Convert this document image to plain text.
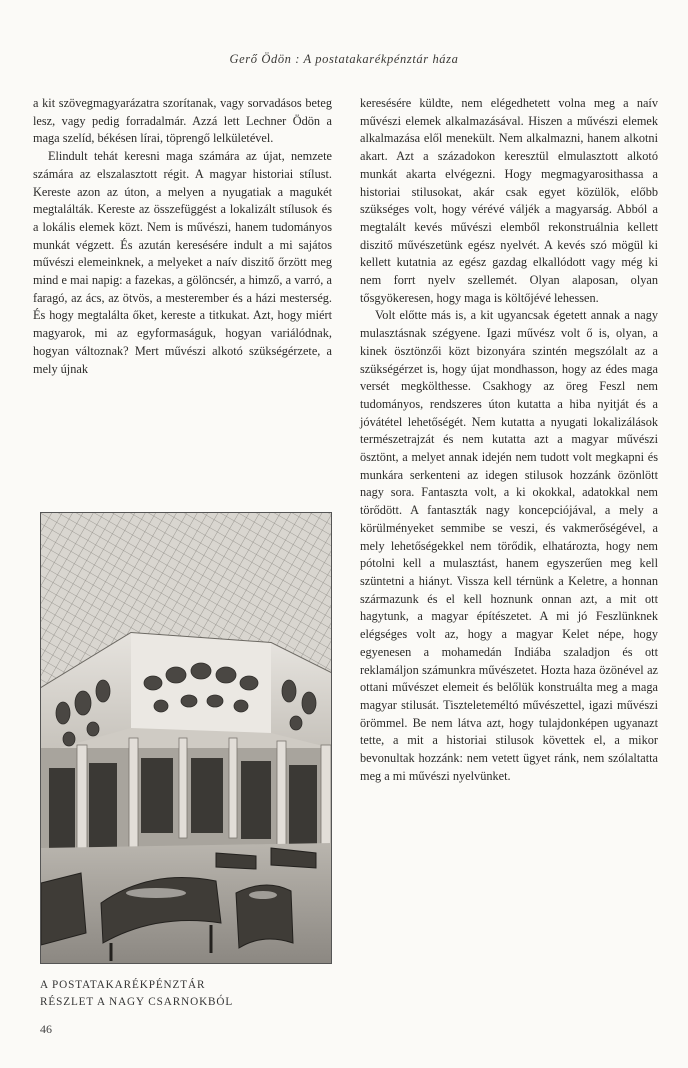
Gerő Ödön : A postatakarékpénztár háza

a kit szövegmagyarázatra szorítanak, vagy sorvadásos beteg lesz, vagy pedig forradalmár. Azzá lett Lechner Ödön a maga szelíd, békésen lírai, töprengő lelkületével.

Elindult tehát keresni maga számára az újat, nemzete számára az elszalasztott régit. A magyar historiai stílust. Kereste azon az úton, a melyen a nyugatiak a magukét megtalálták. Kereste az összefüggést a lokalizált stílusok és a lokális elemek közt. Nem is művészi, hanem tudományos munkát végzett. És azután keresésére indult a mi sajátos művészi elemeinknek, a melyeket a naív diszitő őrzött meg mind e mai napig: a fazekas, a gölöncsér, a himző, a varró, a faragó, az ács, az ötvös, a mesterember és a házi mesterség. És hogy megtalálta őket, kereste a titkukat. Azt, hogy miért magyarok, mi az egyformaságuk, hogyan variálódnak, hogyan változnak? Mert művészi alkotó szükségérzete, a mely újnak

keresésére küldte, nem elégedhetett volna meg a naív művészi elemek alkalmazásával. Hiszen a művészi elemek alkalmazása elől menekült. Nem alkalmazni, hanem alkotni akart. Azt a századokon keresztül elmulasztott alkotó munkát akarta elvégezni. Hogy megmagyarosithassa a historiai stilusokat, akár csak egyet közülök, előbb szükséges volt, hogy vérévé váljék a magyarság. Abból a megtalált kevés művészi elemből rekonstruálnia kellett diszitő művészetünk egész nyelvét. A kevés szó mögül ki kellett kutatnia az egész gazdag elkallódott vagy még ki nem forrt nyelv szellemét. Olyan alaposan, olyan tősgyökeresen, hogy maga is költőjévé lehessen.

Volt előtte más is, a kit ugyancsak égetett annak a nagy mulasztásnak szégyene. Igazi művész volt ő is, olyan, a kinek ösztönzői közt bizonyára szintén megszólalt az a szükségérzet is, hogy újat mondhasson, hogy az édes maga versét megkölthesse. Csakhogy az öreg Feszl nem tudományos, rendszeres úton kutatta a hiba nyitját és a jóvátétel lehetőségét. Nem kutatta a nyugati lokalizálások természetrajzát és nem kutatta azt a magyar művészi ösztönt, a melyet annak idején nem tudott volt megkapni és munkára serkenteni az idegen stilusok hozzánk özönlött nagy sora. Fantaszta volt, a ki okokkal, adatokkal nem törődött. A fantaszták nagy koncepciójával, a mely a körülményeket semmibe se veszi, és vakmerőségével, a mely lehetőségekkel nem törődik, elhatározta, hogy nem pótolni kell a mulasztást, hanem egyszerűen meg kell szüntetni a hiányt. Vissza kell térnünk a Keletre, a honnan származunk és el kell hoznunk onnan azt, a mit ott hagytunk, a magyar építészetet. A mi jó Feszlünknek elégséges volt az, hogy a magyar Kelet népe, hogy egyenesen a mohamedán Indiába szaladjon és ott reklamáljon számunkra művészetet. Hozta haza özönével az ottani művészet elemeit és belőlük konstruálta meg a maga magyar stilusát. Tiszteleteméltó művészettel, igazi művészi örömmel. Be nem látva azt, hogy tulajdonképen ugyanazt tette, a mit a historiai stilusok követtek el, a mikor bevonultak hozzánk: nem vetett ügyet ránk, nem szólaltatta meg a mi művészi nyelvünket.

A POSTATAKARÉKPÉNZTÁR
RÉSZLET A NAGY CSARNOKBÓL
46
